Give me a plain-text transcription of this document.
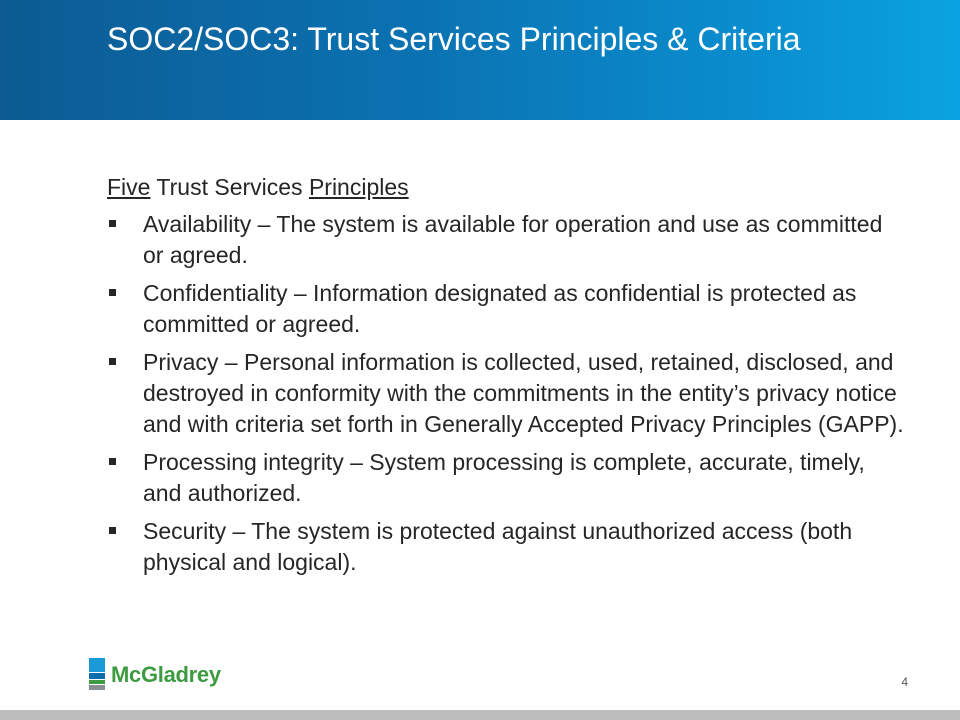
SOC2/SOC3: Trust Services Principles & Criteria

Five Trust Services Principles

Availability – The system is available for operation and use as committed or agreed.
Confidentiality – Information designated as confidential is protected as committed or agreed.
Privacy – Personal information is collected, used, retained, disclosed, and destroyed in conformity with the commitments in the entity’s privacy notice and with criteria set forth in Generally Accepted Privacy Principles (GAPP).
Processing integrity – System processing is complete, accurate, timely, and authorized.
Security – The system is protected against unauthorized access (both physical and logical).
McGladrey	4
